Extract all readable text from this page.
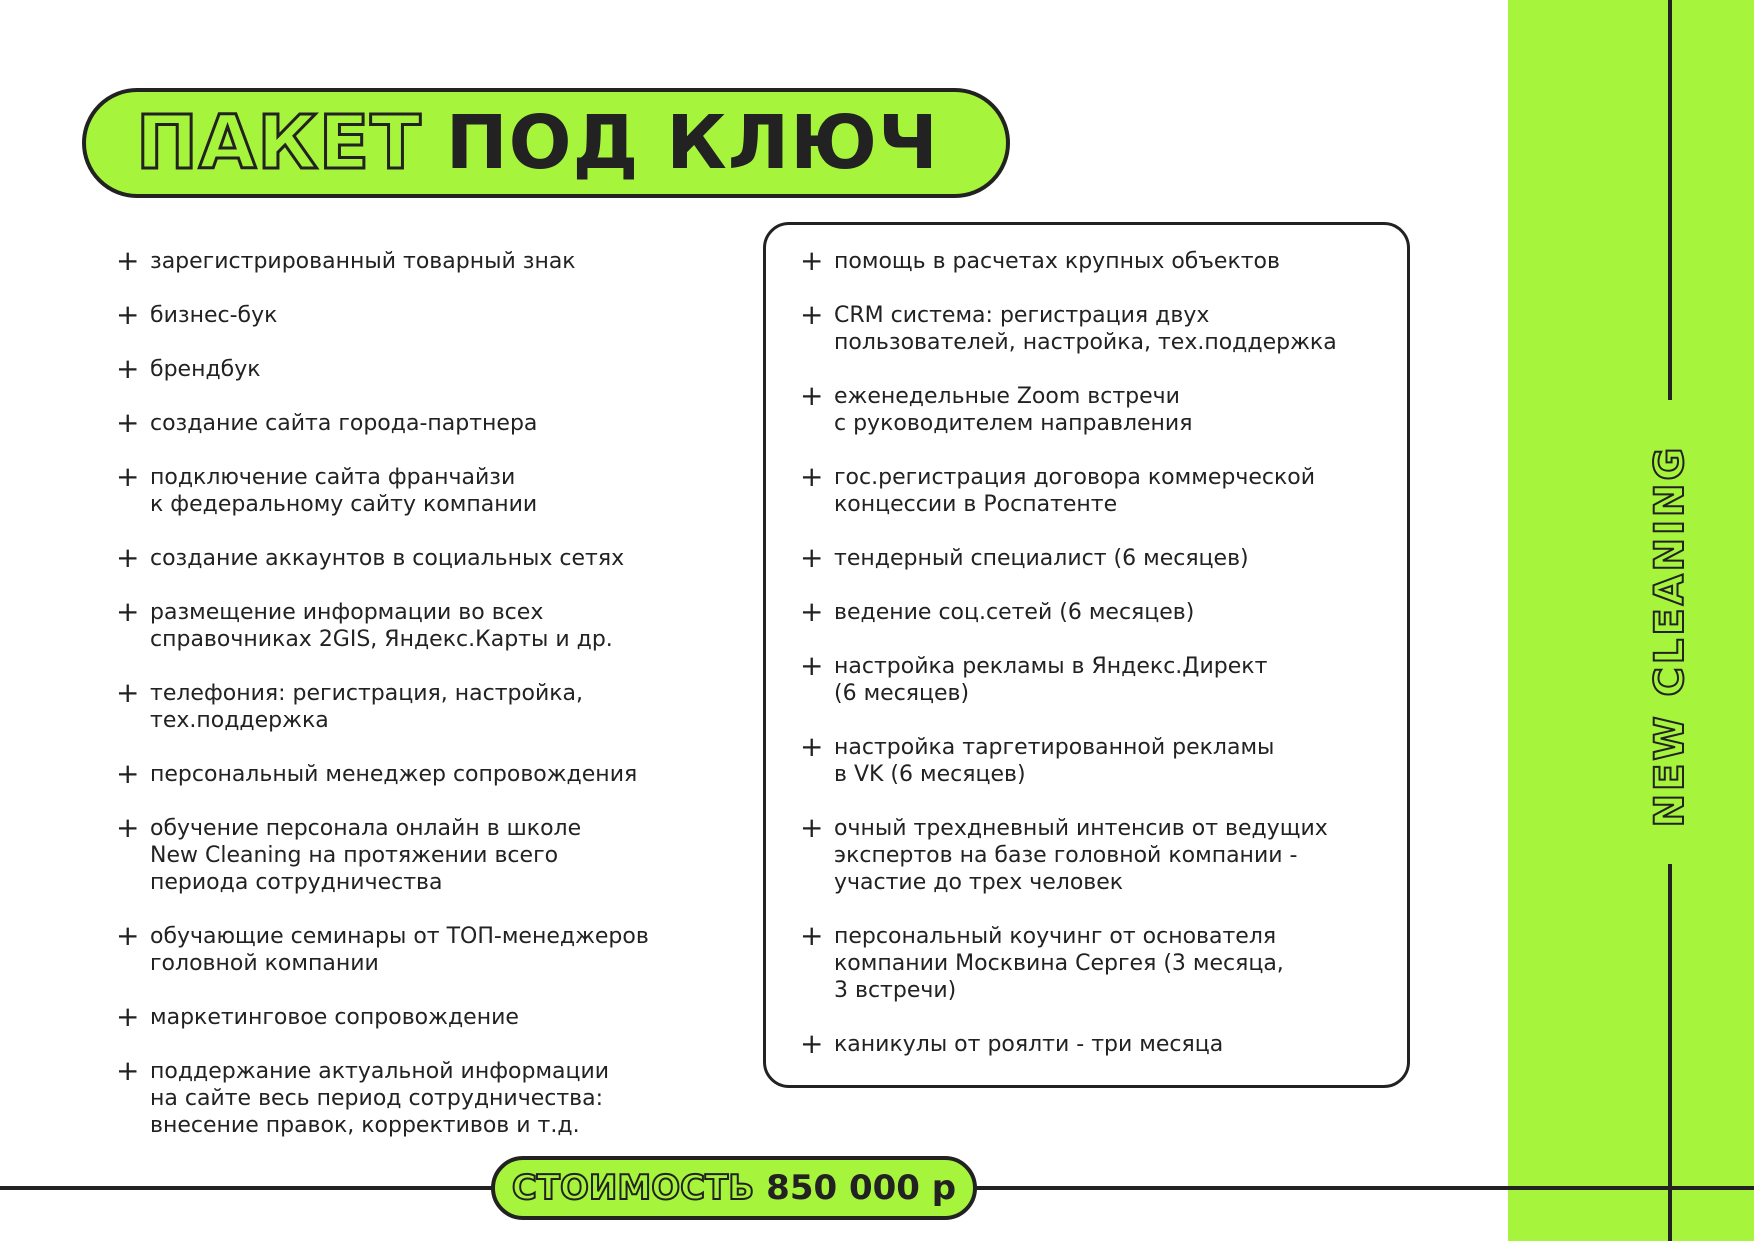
NEW CLEANING
ПАКЕТ ПОД КЛЮЧ
+ зарегистрированный товарный знак
+ бизнес-бук
+ брендбук
+ создание сайта города-партнера
+ подключение сайта франчайзи
к федеральному сайту компании
+ создание аккаунтов в социальных сетях
+ размещение информации во всех
справочниках 2GIS, Яндекс.Карты и др.
+ телефония: регистрация, настройка,
тех.поддержка
+ персональный менеджер сопровождения
+ обучение персонала онлайн в школе
New Cleaning на протяжении всего
периода сотрудничества
+ обучающие семинары от ТОП-менеджеров
головной компании
+ маркетинговое сопровождение
+ поддержание актуальной информации
на сайте весь период сотрудничества:
внесение правок, коррективов и т.д.
+ помощь в расчетах крупных объектов
+ CRM система: регистрация двух
пользователей, настройка, тех.поддержка
+ еженедельные Zoom встречи
с руководителем направления
+ гос.регистрация договора коммерческой
концессии в Роспатенте
+ тендерный специалист (6 месяцев)
+ ведение соц.сетей (6 месяцев)
+ настройка рекламы в Яндекс.Директ
(6 месяцев)
+ настройка таргетированной рекламы
в VK (6 месяцев)
+ очный трехдневный интенсив от ведущих
экспертов на базе головной компании -
участие до трех человек
+ персональный коучинг от основателя
компании Москвина Сергея (3 месяца,
3 встречи)
+ каникулы от роялти - три месяца
СТОИМОСТЬ 850 000 р
